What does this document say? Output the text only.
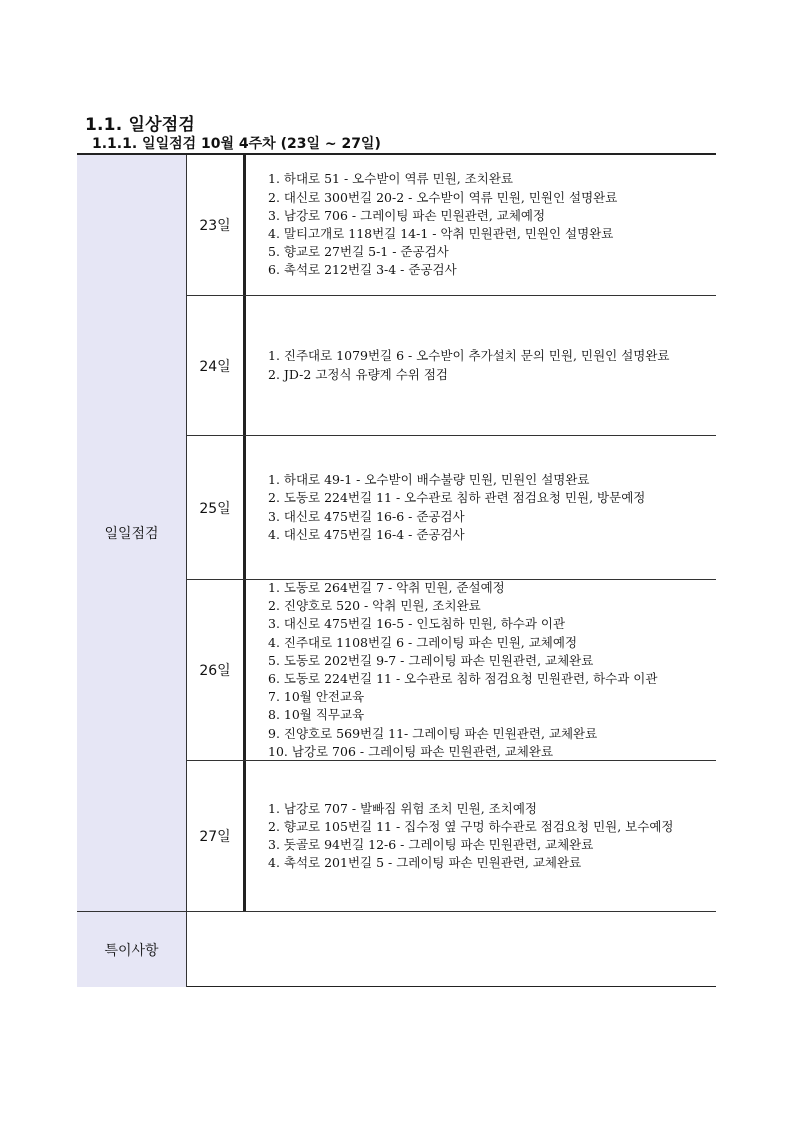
1.1. 일상점검
1.1.1. 일일점검 10월 4주차 (23일 ~ 27일)
일일점검
23일
1. 하대로 51 - 오수받이 역류 민원, 조치완료
2. 대신로 300번길 20-2 - 오수받이 역류 민원, 민원인 설명완료
3. 남강로 706 - 그레이팅 파손 민원관련, 교체예정
4. 말티고개로 118번길 14-1 - 악취 민원관련, 민원인 설명완료
5. 향교로 27번길 5-1 - 준공검사
6. 촉석로 212번길 3-4 - 준공검사
24일
1. 진주대로 1079번길 6 - 오수받이 추가설치 문의 민원, 민원인 설명완료
2. JD-2 고정식 유량계 수위 점검
25일
1. 하대로 49-1 - 오수받이 배수불량 민원, 민원인 설명완료
2. 도동로 224번길 11 - 오수관로 침하 관련 점검요청 민원, 방문예정
3. 대신로 475번길 16-6 - 준공검사
4. 대신로 475번길 16-4 - 준공검사
26일
1. 도동로 264번길 7 - 악취 민원, 준설예정
2. 진양호로 520 - 악취 민원, 조치완료
3. 대신로 475번길 16-5 - 인도침하 민원, 하수과 이관
4. 진주대로 1108번길 6 - 그레이팅 파손 민원, 교체예정
5. 도동로 202번길 9-7 - 그레이팅 파손 민원관련, 교체완료
6. 도동로 224번길 11 - 오수관로 침하 점검요청 민원관련, 하수과 이관
7. 10월 안전교육
8. 10월 직무교육
9. 진양호로 569번길 11- 그레이팅 파손 민원관련, 교체완료
10. 남강로 706 - 그레이팅 파손 민원관련, 교체완료
27일
1. 남강로 707 - 발빠짐 위험 조치 민원, 조치예정
2. 향교로 105번길 11 - 집수정 옆 구멍 하수관로 점검요청 민원, 보수예정
3. 돗골로 94번길 12-6 - 그레이팅 파손 민원관련, 교체완료
4. 촉석로 201번길 5 - 그레이팅 파손 민원관련, 교체완료
특이사항
